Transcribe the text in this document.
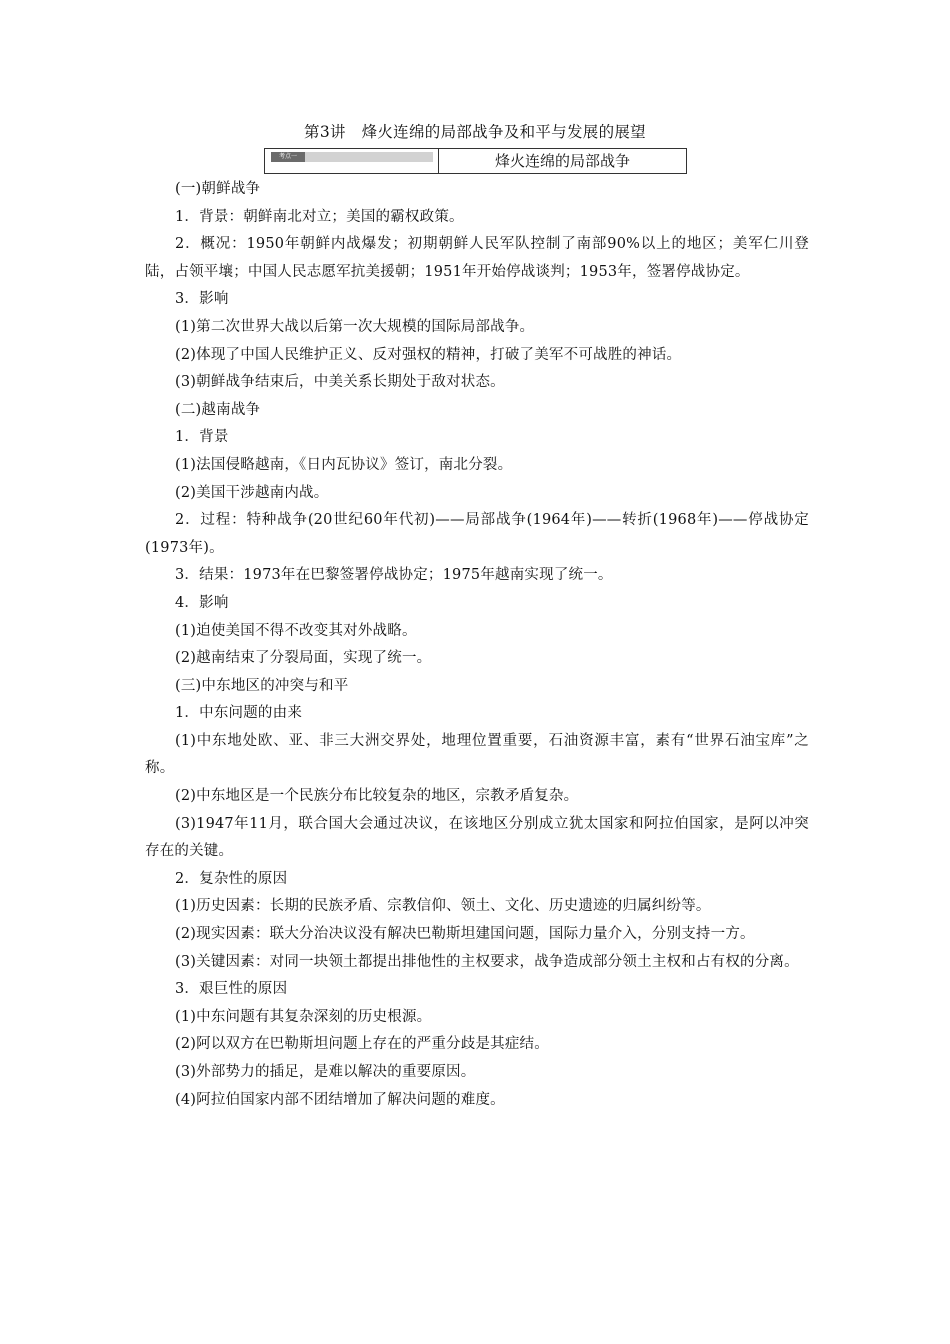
第3讲　烽火连绵的局部战争及和平与发展的展望
考点一	烽火连绵的局部战争

(一)朝鲜战争

1．背景：朝鲜南北对立；美国的霸权政策。

2．概况：1950年朝鲜内战爆发；初期朝鲜人民军队控制了南部90%以上的地区；美军仁川登陆，占领平壤；中国人民志愿军抗美援朝；1951年开始停战谈判；1953年，签署停战协定。

3．影响

(1)第二次世界大战以后第一次大规模的国际局部战争。

(2)体现了中国人民维护正义、反对强权的精神，打破了美军不可战胜的神话。

(3)朝鲜战争结束后，中美关系长期处于敌对状态。

(二)越南战争

1．背景

(1)法国侵略越南，《日内瓦协议》签订，南北分裂。

(2)美国干涉越南内战。

2．过程：特种战争(20世纪60年代初)——局部战争(1964年)——转折(1968年)——停战协定(1973年)。

3．结果：1973年在巴黎签署停战协定；1975年越南实现了统一。

4．影响

(1)迫使美国不得不改变其对外战略。

(2)越南结束了分裂局面，实现了统一。

(三)中东地区的冲突与和平

1．中东问题的由来

(1)中东地处欧、亚、非三大洲交界处，地理位置重要，石油资源丰富，素有“世界石油宝库”之称。

(2)中东地区是一个民族分布比较复杂的地区，宗教矛盾复杂。

(3)1947年11月，联合国大会通过决议，在该地区分别成立犹太国家和阿拉伯国家，是阿以冲突存在的关键。

2．复杂性的原因

(1)历史因素：长期的民族矛盾、宗教信仰、领土、文化、历史遗迹的归属纠纷等。

(2)现实因素：联大分治决议没有解决巴勒斯坦建国问题，国际力量介入，分别支持一方。

(3)关键因素：对同一块领土都提出排他性的主权要求，战争造成部分领土主权和占有权的分离。

3．艰巨性的原因

(1)中东问题有其复杂深刻的历史根源。

(2)阿以双方在巴勒斯坦问题上存在的严重分歧是其症结。

(3)外部势力的插足，是难以解决的重要原因。

(4)阿拉伯国家内部不团结增加了解决问题的难度。
